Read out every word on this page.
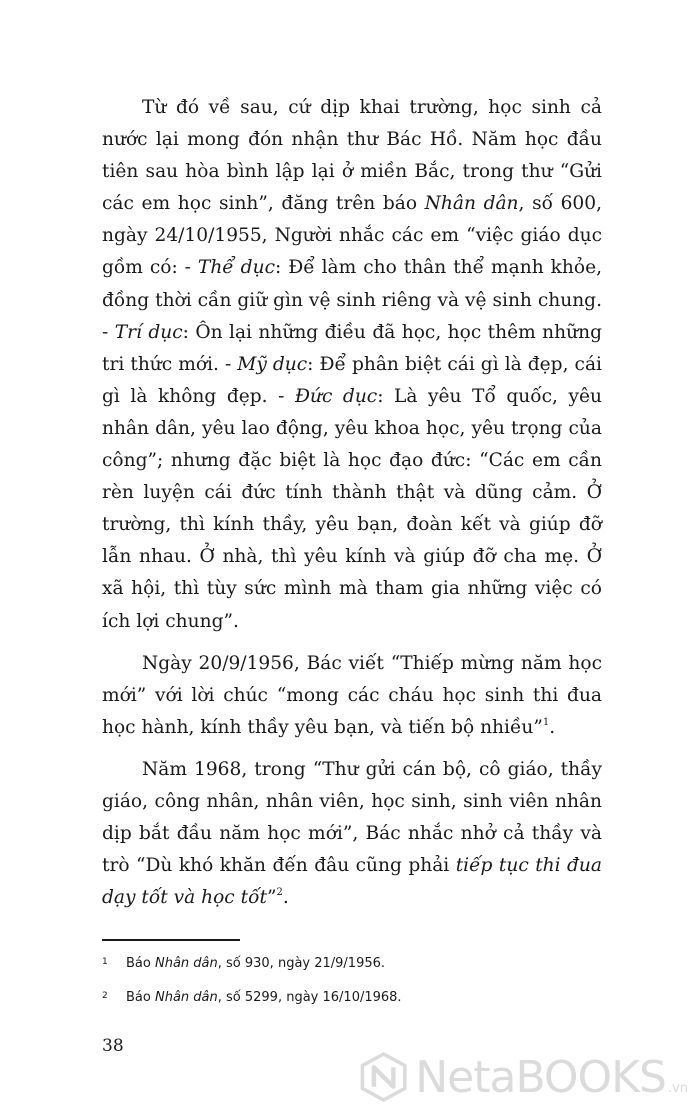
Từ đó về sau, cứ dịp khai trường, học sinh cả nước lại mong đón nhận thư Bác Hồ. Năm học đầu tiên sau hòa bình lập lại ở miền Bắc, trong thư “Gửi các em học sinh”, đăng trên báo Nhân dân, số 600, ngày 24/10/1955, Người nhắc các em “việc giáo dục gồm có: - Thể dục: Để làm cho thân thể mạnh khỏe, đồng thời cần giữ gìn vệ sinh riêng và vệ sinh chung. - Trí dục: Ôn lại những điều đã học, học thêm những tri thức mới. - Mỹ dục: Để phân biệt cái gì là đẹp, cái gì là không đẹp. - Đức dục: Là yêu Tổ quốc, yêu nhân dân, yêu lao động, yêu khoa học, yêu trọng của công”; nhưng đặc biệt là học đạo đức: “Các em cần rèn luyện cái đức tính thành thật và dũng cảm. Ở trường, thì kính thầy, yêu bạn, đoàn kết và giúp đỡ lẫn nhau. Ở nhà, thì yêu kính và giúp đỡ cha mẹ. Ở xã hội, thì tùy sức mình mà tham gia những việc có ích lợi chung”.

Ngày 20/9/1956, Bác viết “Thiếp mừng năm học mới” với lời chúc “mong các cháu học sinh thi đua học hành, kính thầy yêu bạn, và tiến bộ nhiều”$^1$.

Năm 1968, trong “Thư gửi cán bộ, cô giáo, thầy giáo, công nhân, nhân viên, học sinh, sinh viên nhân dịp bắt đầu năm học mới”, Bác nhắc nhở cả thầy và trò “Dù khó khăn đến đâu cũng phải tiếp tục thi đua dạy tốt và học tốt”$^2$.

1 Báo Nhân dân, số 930, ngày 21/9/1956.
2 Báo Nhân dân, số 5299, ngày 16/10/1968.
38
NetaBOOKS .vn
